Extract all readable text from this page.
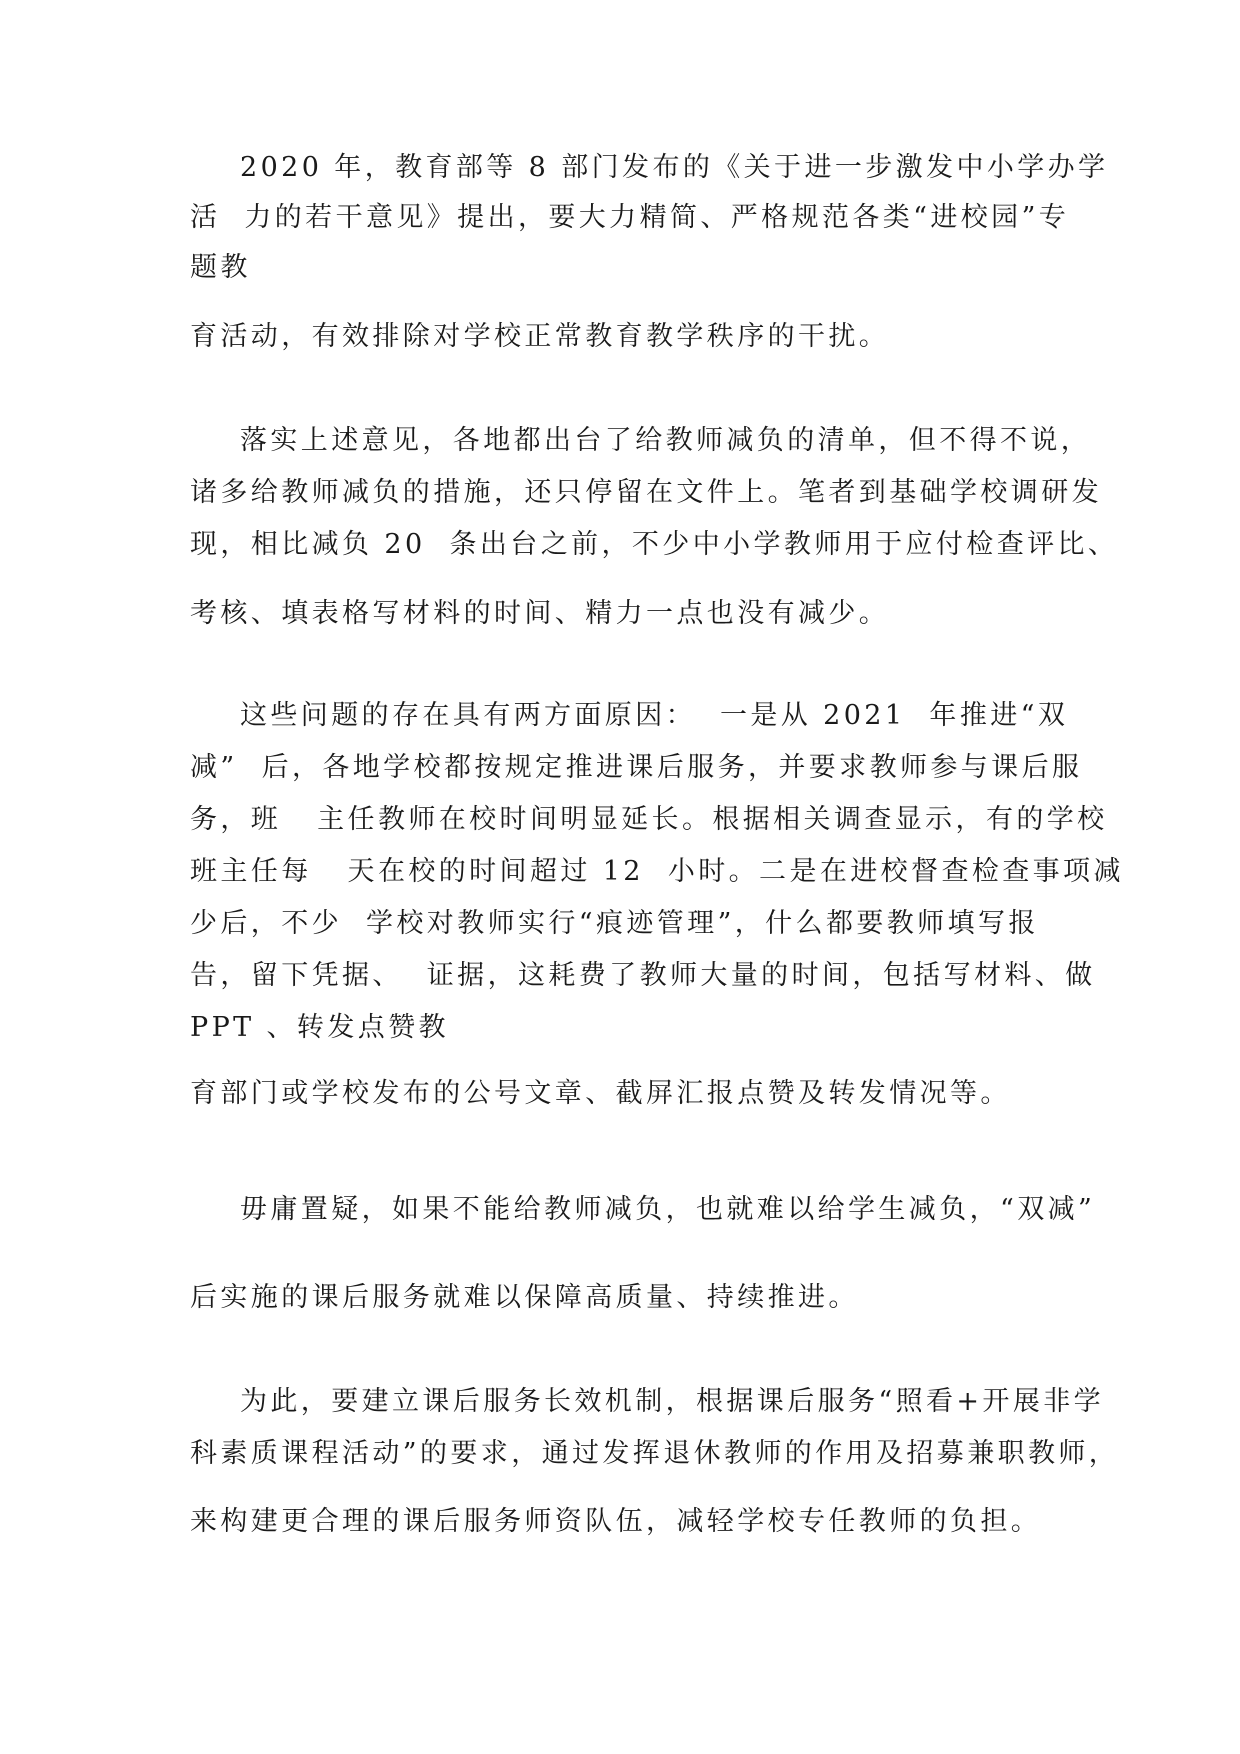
2020 年，教育部等 8 部门发布的《关于进一步激发中小学办学
活  力的若干意见》提出，要大力精简、严格规范各类“进校园”专
题教
育活动，有效排除对学校正常教育教学秩序的干扰。
落实上述意见，各地都出台了给教师减负的清单，但不得不说，
诸多给教师减负的措施，还只停留在文件上。笔者到基础学校调研发
现，相比减负 20  条出台之前，不少中小学教师用于应付检查评比、
考核、填表格写材料的时间、精力一点也没有减少。
这些问题的存在具有两方面原因：  一是从 2021  年推进“双
减”  后，各地学校都按规定推进课后服务，并要求教师参与课后服
务，班   主任教师在校时间明显延长。根据相关调查显示，有的学校
班主任每   天在校的时间超过 12  小时。二是在进校督查检查事项减
少后，不少  学校对教师实行“痕迹管理”，什么都要教师填写报
告，留下凭据、  证据，这耗费了教师大量的时间，包括写材料、做
PPT 、转发点赞教
育部门或学校发布的公号文章、截屏汇报点赞及转发情况等。
毋庸置疑，如果不能给教师减负，也就难以给学生减负，“双减”
后实施的课后服务就难以保障高质量、持续推进。
为此，要建立课后服务长效机制，根据课后服务“照看+开展非学
科素质课程活动”的要求，通过发挥退休教师的作用及招募兼职教师，
来构建更合理的课后服务师资队伍，减轻学校专任教师的负担。
